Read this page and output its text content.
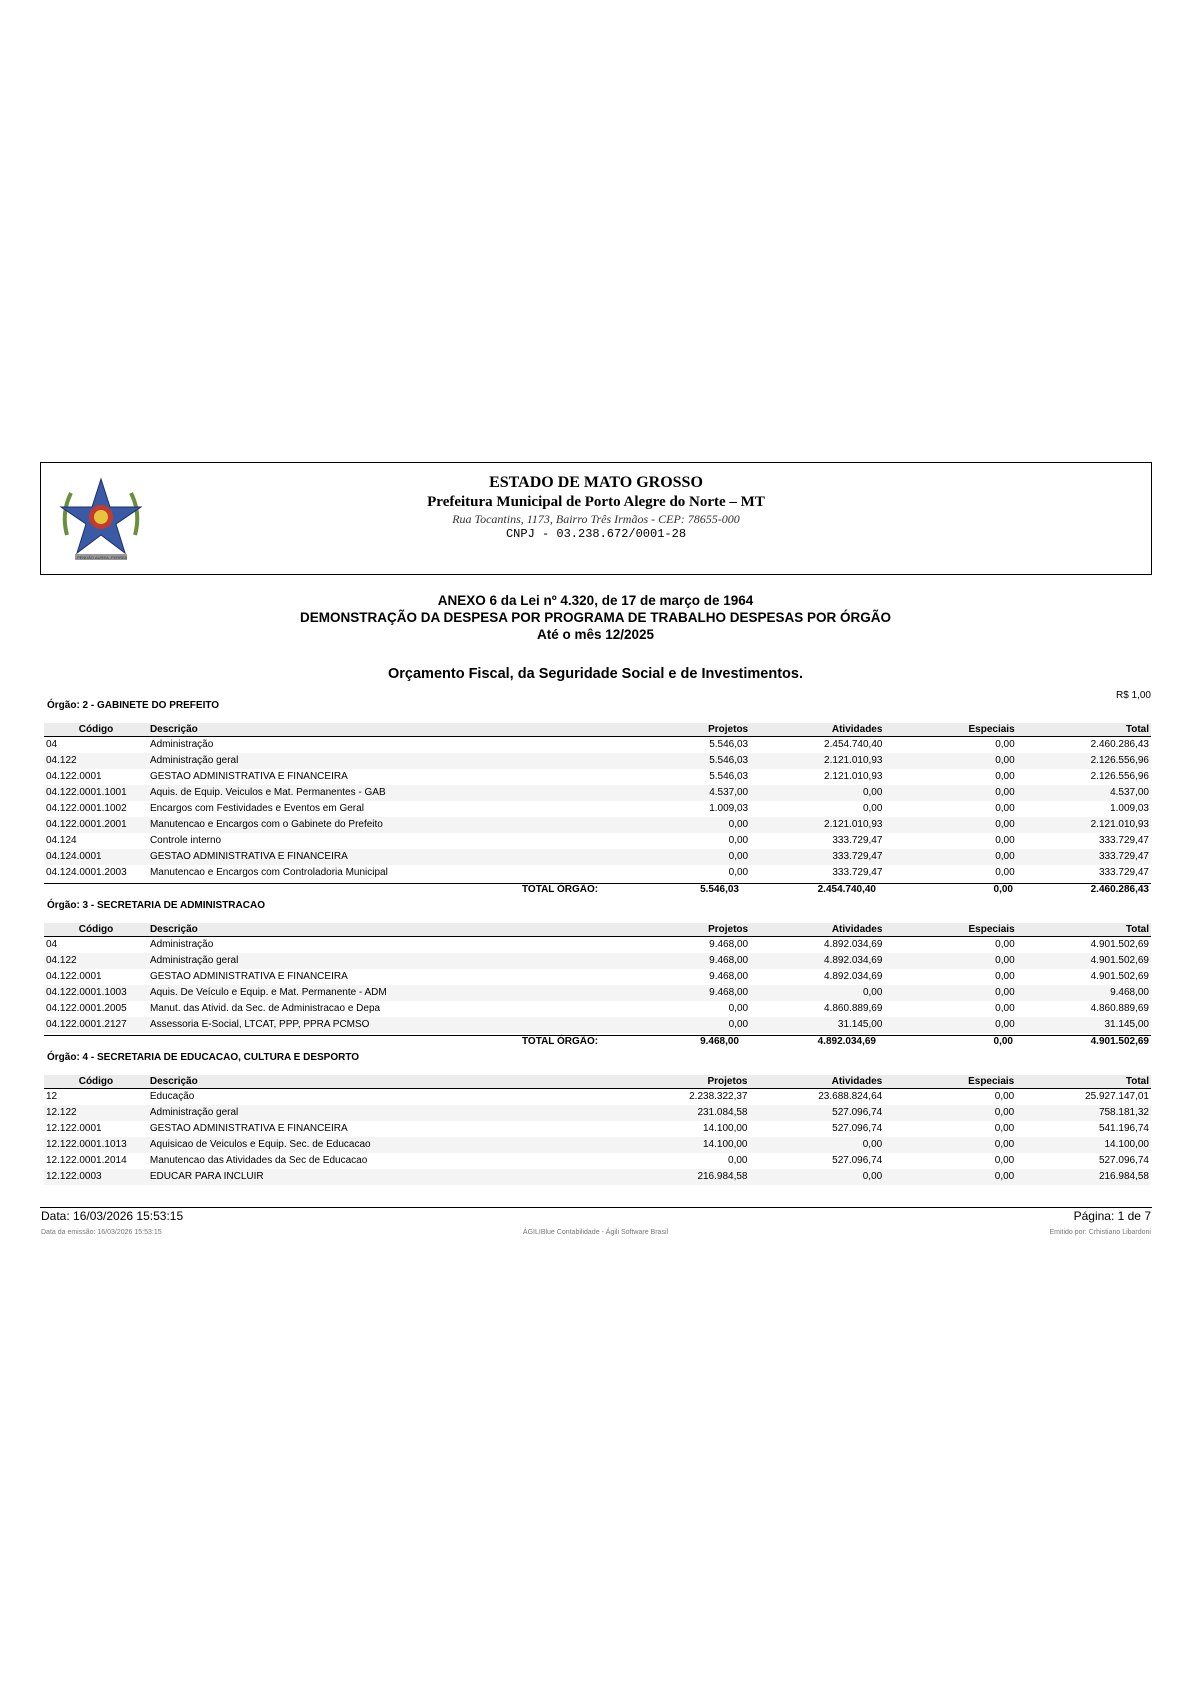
PENDÃO AUREA FERREA
ESTADO DE MATO GROSSO
Prefeitura Municipal de Porto Alegre do Norte – MT
Rua Tocantins, 1173, Bairro Três Irmãos - CEP: 78655-000
CNPJ - 03.238.672/0001-28
ANEXO 6 da Lei nº 4.320, de 17 de março de 1964
DEMONSTRAÇÃO DA DESPESA POR PROGRAMA DE TRABALHO DESPESAS POR ÓRGÃO
Até o mês 12/2025
Orçamento Fiscal, da Seguridade Social e de Investimentos.
R$ 1,00
Órgão: 2 - GABINETE DO PREFEITO
Código	Descrição	Projetos	Atividades	Especiais	Total
04	Administração	5.546,03	2.454.740,40	0,00	2.460.286,43
04.122	Administração geral	5.546,03	2.121.010,93	0,00	2.126.556,96
04.122.0001	GESTAO ADMINISTRATIVA E FINANCEIRA	5.546,03	2.121.010,93	0,00	2.126.556,96
04.122.0001.1001	Aquis. de Equip. Veiculos e Mat. Permanentes - GAB	4.537,00	0,00	0,00	4.537,00
04.122.0001.1002	Encargos com Festividades e Eventos em Geral	1.009,03	0,00	0,00	1.009,03
04.122.0001.2001	Manutencao e Encargos com o Gabinete do Prefeito	0,00	2.121.010,93	0,00	2.121.010,93
04.124	Controle interno	0,00	333.729,47	0,00	333.729,47
04.124.0001	GESTAO ADMINISTRATIVA E FINANCEIRA	0,00	333.729,47	0,00	333.729,47
04.124.0001.2003	Manutencao e Encargos com Controladoria Municipal	0,00	333.729,47	0,00	333.729,47
TOTAL ÓRGÃO:	5.546,03	2.454.740,40	0,00	2.460.286,43
Órgão: 3 - SECRETARIA DE ADMINISTRACAO
Código	Descrição	Projetos	Atividades	Especiais	Total
04	Administração	9.468,00	4.892.034,69	0,00	4.901.502,69
04.122	Administração geral	9.468,00	4.892.034,69	0,00	4.901.502,69
04.122.0001	GESTAO ADMINISTRATIVA E FINANCEIRA	9.468,00	4.892.034,69	0,00	4.901.502,69
04.122.0001.1003	Aquis. De Veículo e Equip. e Mat. Permanente - ADM	9.468,00	0,00	0,00	9.468,00
04.122.0001.2005	Manut. das Ativid. da Sec. de Administracao e Depa	0,00	4.860.889,69	0,00	4.860.889,69
04.122.0001.2127	Assessoria E-Social, LTCAT, PPP, PPRA PCMSO	0,00	31.145,00	0,00	31.145,00
TOTAL ÓRGÃO:	9.468,00	4.892.034,69	0,00	4.901.502,69
Órgão: 4 - SECRETARIA DE EDUCACAO, CULTURA E DESPORTO
Código	Descrição	Projetos	Atividades	Especiais	Total
12	Educação	2.238.322,37	23.688.824,64	0,00	25.927.147,01
12.122	Administração geral	231.084,58	527.096,74	0,00	758.181,32
12.122.0001	GESTAO ADMINISTRATIVA E FINANCEIRA	14.100,00	527.096,74	0,00	541.196,74
12.122.0001.1013	Aquisicao de Veiculos e Equip. Sec. de Educacao	14.100,00	0,00	0,00	14.100,00
12.122.0001.2014	Manutencao das Atividades da Sec de Educacao	0,00	527.096,74	0,00	527.096,74
12.122.0003	EDUCAR PARA INCLUIR	216.984,58	0,00	0,00	216.984,58
Data: 16/03/2026 15:53:15	Página: 1 de 7
Data da emissão: 16/03/2026 15:53:15	ÁGILIBlue Contabilidade - Ágili Software Brasil	Emitido por: Crhistiano Libardoni
